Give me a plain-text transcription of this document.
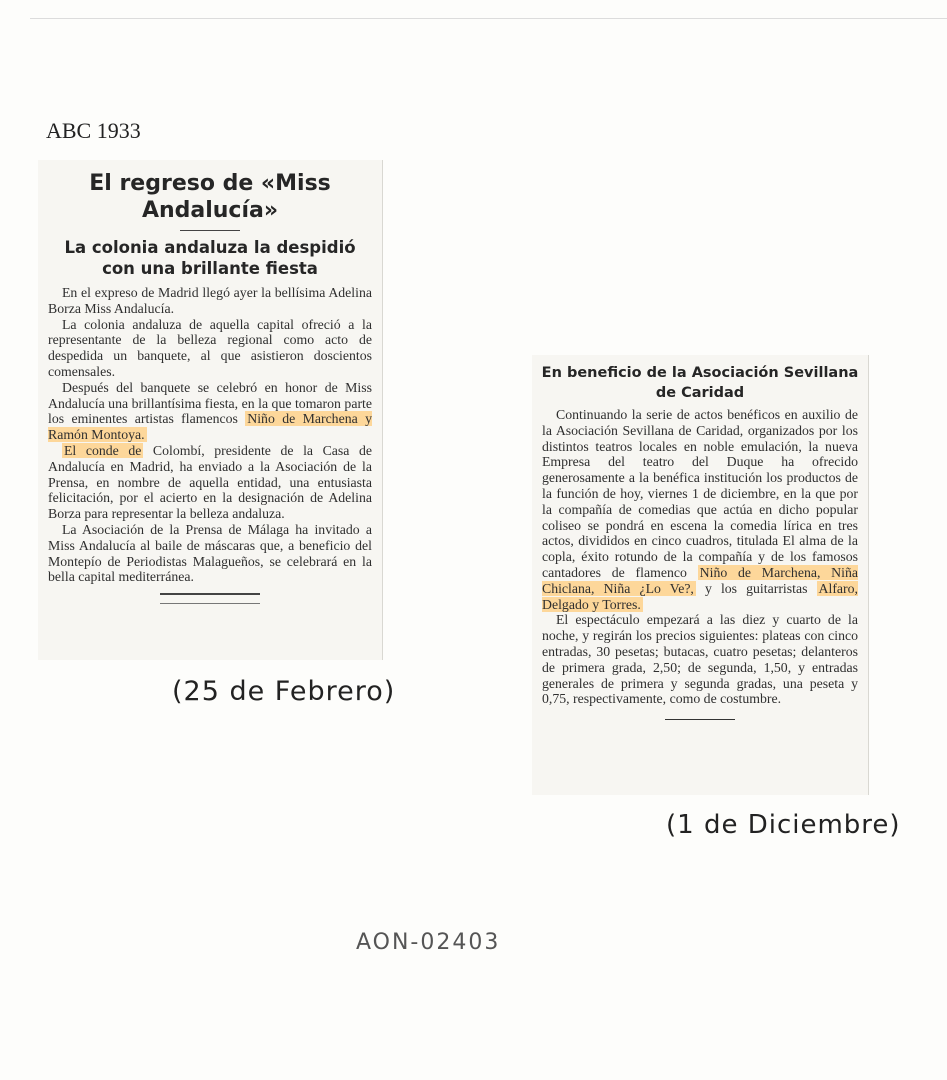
ABC 1933
El regreso de «Miss Andalucía»
La colonia andaluza la despidió con una brillante fiesta

En el expreso de Madrid llegó ayer la bellísima Adelina Borza Miss Andalucía.

La colonia andaluza de aquella capital ofreció a la representante de la belleza regional como acto de despedida un banquete, al que asistieron doscientos comensales.

Después del banquete se celebró en honor de Miss Andalucía una brillantísima fiesta, en la que tomaron parte los eminentes artistas flamencos Niño de Marchena y Ramón Montoya.

El conde de Colombí, presidente de la Casa de Andalucía en Madrid, ha enviado a la Asociación de la Prensa, en nombre de aquella entidad, una entusiasta felicitación, por el acierto en la designación de Adelina Borza para representar la belleza andaluza.

La Asociación de la Prensa de Málaga ha invitado a Miss Andalucía al baile de máscaras que, a beneficio del Montepío de Periodistas Malagueños, se celebrará en la bella capital mediterránea.

(25 de Febrero)
En beneficio de la Asociación Sevillana de Caridad

Continuando la serie de actos benéficos en auxilio de la Asociación Sevillana de Caridad, organizados por los distintos teatros locales en noble emulación, la nueva Empresa del teatro del Duque ha ofrecido generosamente a la benéfica institución los productos de la función de hoy, viernes 1 de diciembre, en la que por la compañía de comedias que actúa en dicho popular coliseo se pondrá en escena la comedia lírica en tres actos, divididos en cinco cuadros, titulada El alma de la copla, éxito rotundo de la compañía y de los famosos cantadores de flamenco Niño de Marchena, Niña Chiclana, Niña ¿Lo Ve?, y los guitarristas Alfaro, Delgado y Torres.

El espectáculo empezará a las diez y cuarto de la noche, y regirán los precios siguientes: plateas con cinco entradas, 30 pesetas; butacas, cuatro pesetas; delanteros de primera grada, 2,50; de segunda, 1,50, y entradas generales de primera y segunda gradas, una peseta y 0,75, respectivamente, como de costumbre.

(1 de Diciembre)
AON-02403
